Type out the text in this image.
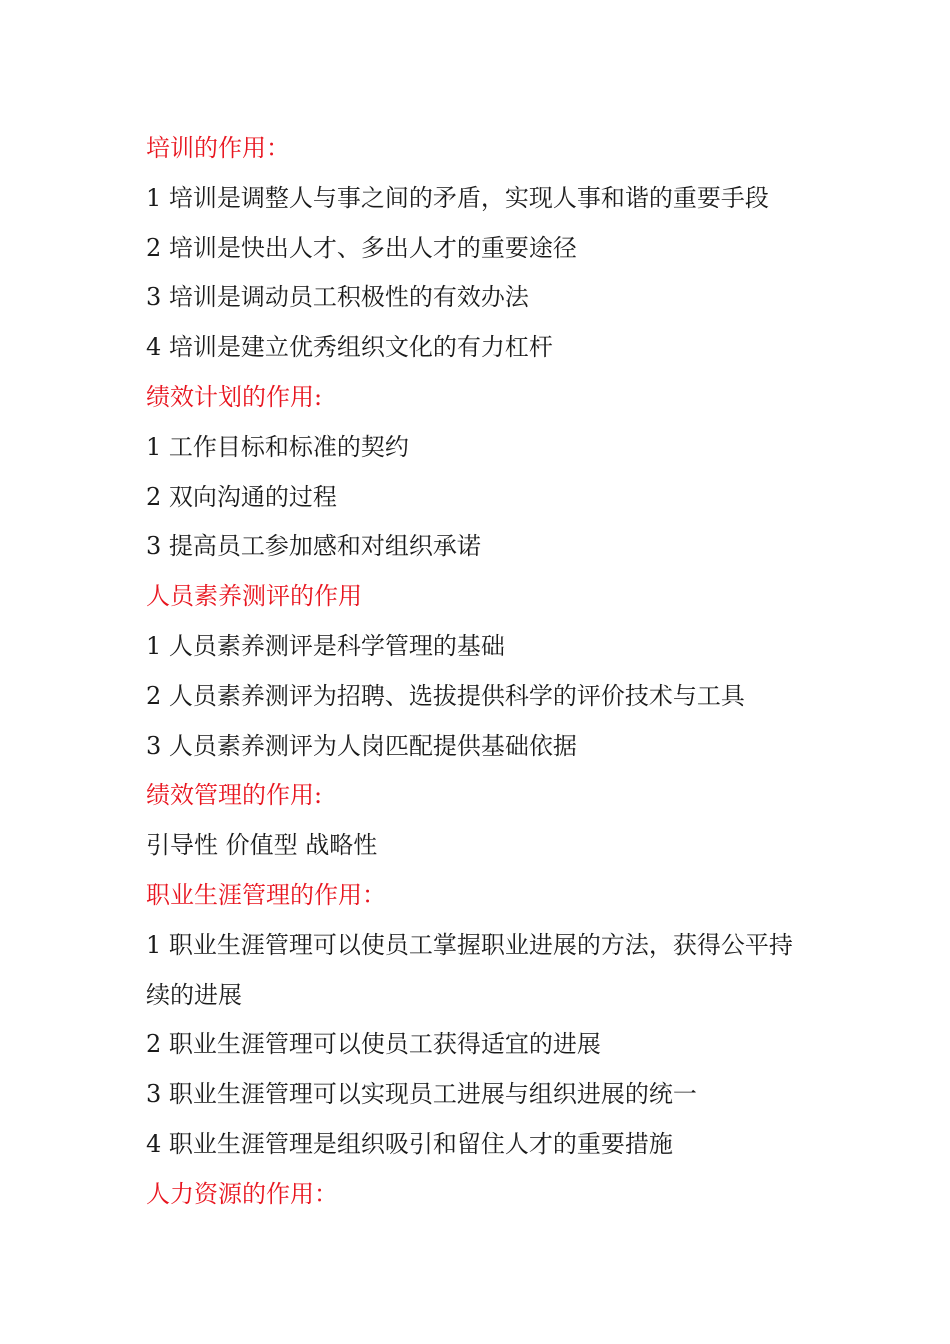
培训的作用：

1 培训是调整人与事之间的矛盾，实现人事和谐的重要手段

2 培训是快出人才、多出人才的重要途径

3 培训是调动员工积极性的有效办法

4 培训是建立优秀组织文化的有力杠杆

绩效计划的作用:

1 工作目标和标准的契约

2 双向沟通的过程

3 提高员工参加感和对组织承诺

人员素养测评的作用

1 人员素养测评是科学管理的基础

2 人员素养测评为招聘、选拔提供科学的评价技术与工具

3 人员素养测评为人岗匹配提供基础依据

绩效管理的作用:

引导性 价值型 战略性

职业生涯管理的作用：

1 职业生涯管理可以使员工掌握职业进展的方法，获得公平持续的进展

2 职业生涯管理可以使员工获得适宜的进展

3 职业生涯管理可以实现员工进展与组织进展的统一

4 职业生涯管理是组织吸引和留住人才的重要措施

人力资源的作用：
